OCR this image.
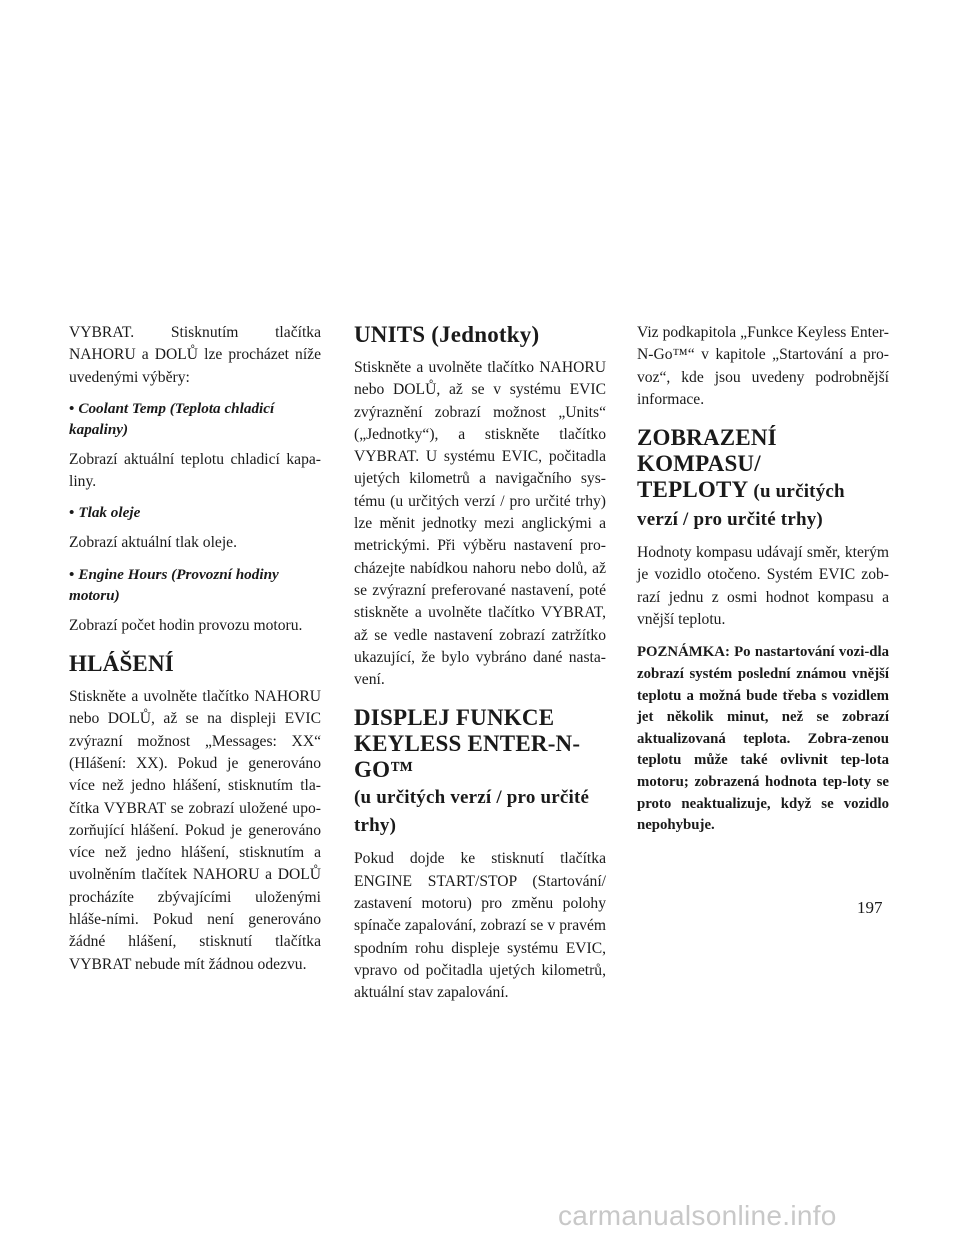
VYBRAT. Stisknutím tlačítka NAHORU a DOLŮ lze procházet níže uvedenými výběry:

• Coolant Temp (Teplota chladicí kapaliny)

Zobrazí aktuální teplotu chladicí kapa-liny.

• Tlak oleje

Zobrazí aktuální tlak oleje.

• Engine Hours (Provozní hodiny motoru)

Zobrazí počet hodin provozu motoru.

HLÁŠENÍ

Stiskněte a uvolněte tlačítko NAHORU nebo DOLŮ, až se na displeji EVIC zvýrazní možnost „Messages: XX“ (Hlášení: XX). Pokud je generováno více než jedno hlášení, stisknutím tla-čítka VYBRAT se zobrazí uložené upo-zorňující hlášení. Pokud je generováno více než jedno hlášení, stisknutím a uvolněním tlačítek NAHORU a DOLŮ procházíte zbývajícími uloženými hláše-ními. Pokud není generováno žádné hlášení, stisknutí tlačítka VYBRAT nebude mít žádnou odezvu.

UNITS (Jednotky)

Stiskněte a uvolněte tlačítko NAHORU nebo DOLŮ, až se v systému EVIC zvýraznění zobrazí možnost „Units“ („Jednotky“), a stiskněte tlačítko VYBRAT. U systému EVIC, počitadla ujetých kilometrů a navigačního sys-tému (u určitých verzí / pro určité trhy) lze měnit jednotky mezi anglickými a metrickými. Při výběru nastavení pro-cházejte nabídkou nahoru nebo dolů, až se zvýrazní preferované nastavení, poté stiskněte a uvolněte tlačítko VYBRAT, až se vedle nastavení zobrazí zatržítko ukazující, že bylo vybráno dané nasta-vení.

DISPLEJ FUNKCE
KEYLESS ENTER-N-GO™
(u určitých verzí / pro určité trhy)

Pokud dojde ke stisknutí tlačítka ENGINE START/STOP (Startování/ zastavení motoru) pro změnu polohy spínače zapalování, zobrazí se v pravém spodním rohu displeje systému EVIC, vpravo od počitadla ujetých kilometrů, aktuální stav zapalování.

Viz podkapitola „Funkce Keyless Enter-N-Go™“ v kapitole „Startování a pro-voz“, kde jsou uvedeny podrobnější informace.

ZOBRAZENÍ KOMPASU/
TEPLOTY (u určitých verzí / pro určité trhy)

Hodnoty kompasu udávají směr, kterým je vozidlo otočeno. Systém EVIC zob-razí jednu z osmi hodnot kompasu a vnější teplotu.

POZNÁMKA: Po nastartování vozi-dla zobrazí systém poslední známou vnější teplotu a možná bude třeba s vozidlem jet několik minut, než se zobrazí aktualizovaná teplota. Zobra-zenou teplotu může také ovlivnit tep-lota motoru; zobrazená hodnota tep-loty se proto neaktualizuje, když se vozidlo nepohybuje.

197
carmanualsonline.info
